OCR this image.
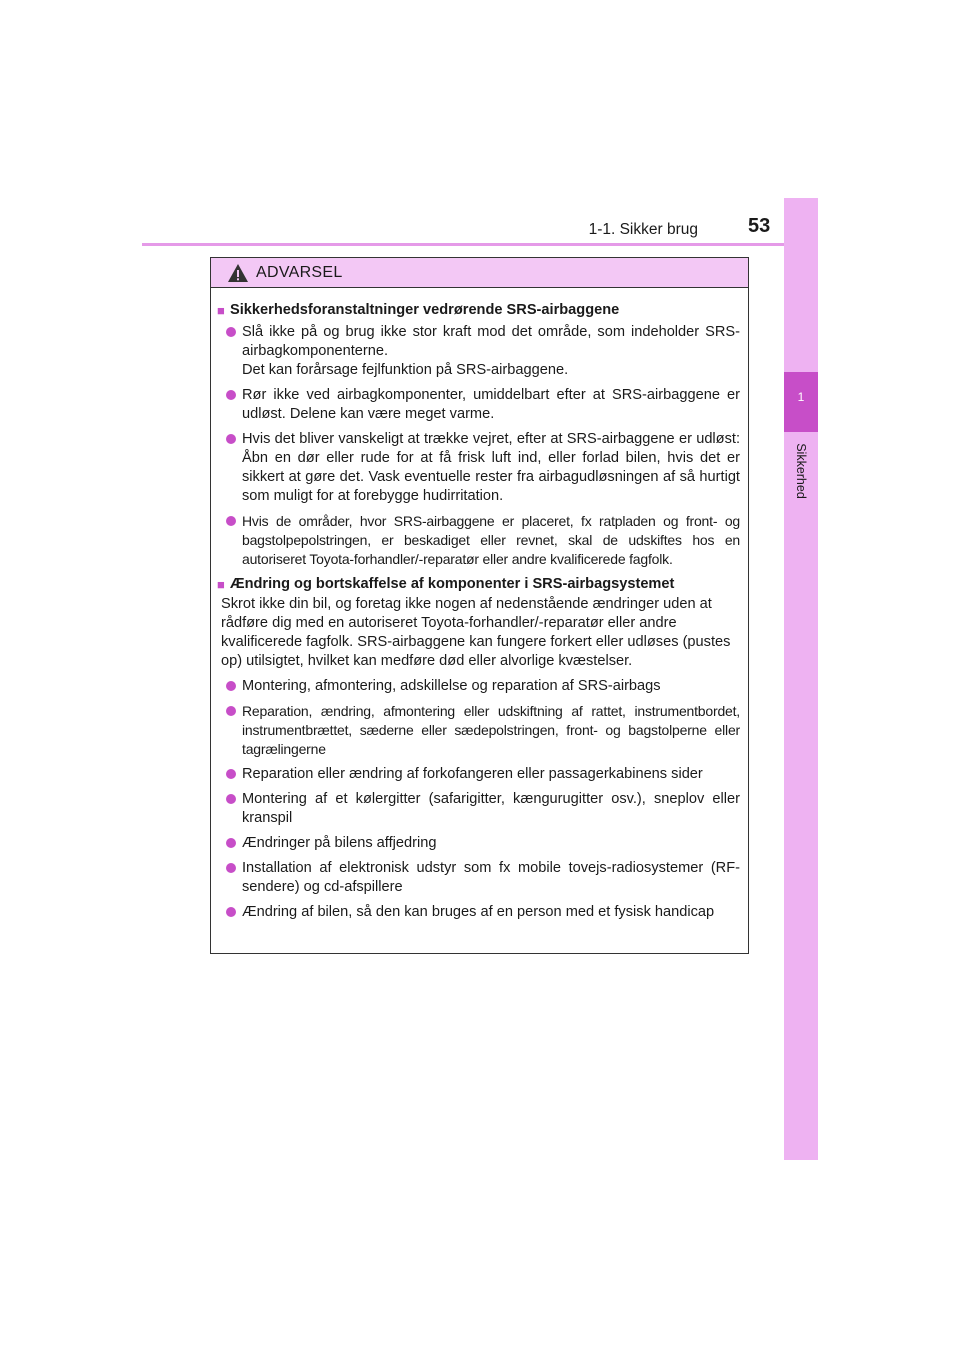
1-1. Sikker brug	53
1
Sikkerhed
ADVARSEL
■ Sikkerhedsforanstaltninger vedrørende SRS-airbaggene

Slå ikke på og brug ikke stor kraft mod det område, som indeholder SRS-airbagkomponenterne.

Det kan forårsage fejlfunktion på SRS-airbaggene.

Rør ikke ved airbagkomponenter, umiddelbart efter at SRS-airbaggene er udløst. Delene kan være meget varme.

Hvis det bliver vanskeligt at trække vejret, efter at SRS-airbaggene er udløst: Åbn en dør eller rude for at få frisk luft ind, eller forlad bilen, hvis det er sikkert at gøre det. Vask eventuelle rester fra airbagudløsningen af så hurtigt som muligt for at forebygge hudirritation.

Hvis de områder, hvor SRS-airbaggene er placeret, fx ratpladen og front- og bagstolpepolstringen, er beskadiget eller revnet, skal de udskiftes hos en autoriseret Toyota-forhandler/-reparatør eller andre kvalificerede fagfolk.

■ Ændring og bortskaffelse af komponenter i SRS-airbagsystemet

Skrot ikke din bil, og foretag ikke nogen af nedenstående ændringer uden at rådføre dig med en autoriseret Toyota-forhandler/-reparatør eller andre kvalificerede fagfolk. SRS-airbaggene kan fungere forkert eller udløses (pustes op) utilsigtet, hvilket kan medføre død eller alvorlige kvæstelser.

Montering, afmontering, adskillelse og reparation af SRS-airbags

Reparation, ændring, afmontering eller udskiftning af rattet, instrumentbordet, instrumentbrættet, sæderne eller sædepolstringen, front- og bagstolperne eller tagrælingerne

Reparation eller ændring af forkofangeren eller passagerkabinens sider

Montering af et kølergitter (safarigitter, kængurugitter osv.), sneplov eller kranspil

Ændringer på bilens affjedring

Installation af elektronisk udstyr som fx mobile tovejs-radiosystemer (RF-sendere) og cd-afspillere

Ændring af bilen, så den kan bruges af en person med et fysisk handicap
